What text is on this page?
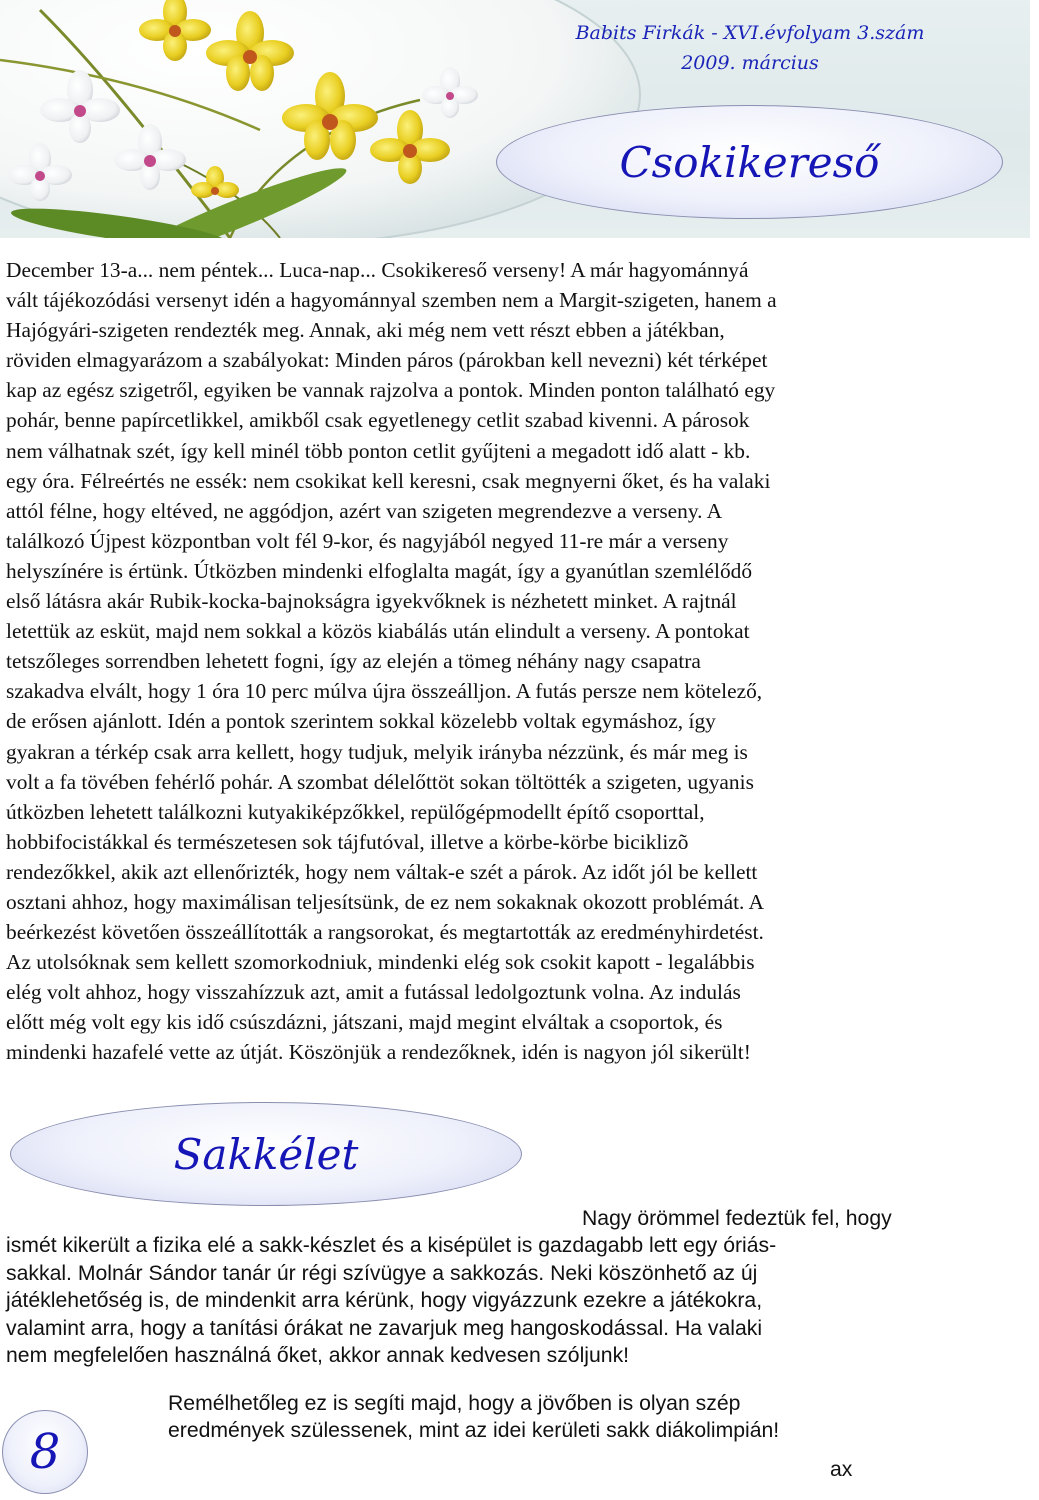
Babits Firkák - XVI.évfolyam 3.szám
2009. március
Csokikereső
December 13-a... nem péntek... Luca-nap... Csokikereső verseny! A már hagyománnyá
vált tájékozódási versenyt idén a hagyománnyal szemben nem a Margit-szigeten, hanem a
Hajógyári-szigeten rendezték meg. Annak, aki még nem vett részt ebben a játékban,
röviden elmagyarázom a szabályokat: Minden páros (párokban kell nevezni) két térképet
kap az egész szigetről, egyiken be vannak rajzolva a pontok. Minden ponton található egy
pohár, benne papírcetlikkel, amikből csak egyetlenegy cetlit szabad kivenni. A párosok
nem válhatnak szét, így kell minél több ponton cetlit gyűjteni a megadott idő alatt - kb.
egy óra. Félreértés ne essék: nem csokikat kell keresni, csak megnyerni őket, és ha valaki
attól félne, hogy eltéved, ne aggódjon, azért van szigeten megrendezve a verseny. A
találkozó Újpest központban volt fél 9-kor, és nagyjából negyed 11-re már a verseny
helyszínére is értünk. Útközben mindenki elfoglalta magát, így a gyanútlan szemlélődő
első látásra akár Rubik-kocka-bajnokságra igyekvőknek is nézhetett minket. A rajtnál
letettük az esküt, majd nem sokkal a közös kiabálás után elindult a verseny. A pontokat
tetszőleges sorrendben lehetett fogni, így az elején a tömeg néhány nagy csapatra
szakadva elvált, hogy 1 óra 10 perc múlva újra összeálljon. A futás persze nem kötelező,
de erősen ajánlott. Idén a pontok szerintem sokkal közelebb voltak egymáshoz, így
gyakran a térkép csak arra kellett, hogy tudjuk, melyik irányba nézzünk, és már meg is
volt a fa tövében fehérlő pohár. A szombat délelőttöt sokan töltötték a szigeten, ugyanis
útközben lehetett találkozni kutyakiképzőkkel, repülőgépmodellt építő csoporttal,
hobbifocistákkal és természetesen sok tájfutóval, illetve a körbe-körbe biciklizõ
rendezőkkel, akik azt ellenőrizték, hogy nem váltak-e szét a párok. Az időt jól be kellett
osztani ahhoz, hogy maximálisan teljesítsünk, de ez nem sokaknak okozott problémát. A
beérkezést követően összeállították a rangsorokat, és megtartották az eredményhirdetést.
Az utolsóknak sem kellett szomorkodniuk, mindenki elég sok csokit kapott - legalábbis
elég volt ahhoz, hogy visszahízzuk azt, amit a futással ledolgoztunk volna. Az indulás
előtt még volt egy kis idő csúszdázni, játszani, majd megint elváltak a csoportok, és
mindenki hazafelé vette az útját. Köszönjük a rendezőknek, idén is nagyon jól sikerült!
Sakkélet
Nagy örömmel fedeztük fel, hogy
ismét kikerült a fizika elé a sakk-készlet és a kisépület is gazdagabb lett egy óriás-
sakkal. Molnár Sándor tanár úr régi szívügye a sakkozás. Neki köszönhető az új
játéklehetőség is, de mindenkit arra kérünk, hogy vigyázzunk ezekre a játékokra,
valamint arra, hogy a tanítási órákat ne zavarjuk meg hangoskodással. Ha valaki
nem megfelelően használná őket, akkor annak kedvesen szóljunk!
Remélhetőleg ez is segíti majd, hogy a jövőben is olyan szép
eredmények szülessenek, mint az idei kerületi sakk diákolimpián!
ax
8
